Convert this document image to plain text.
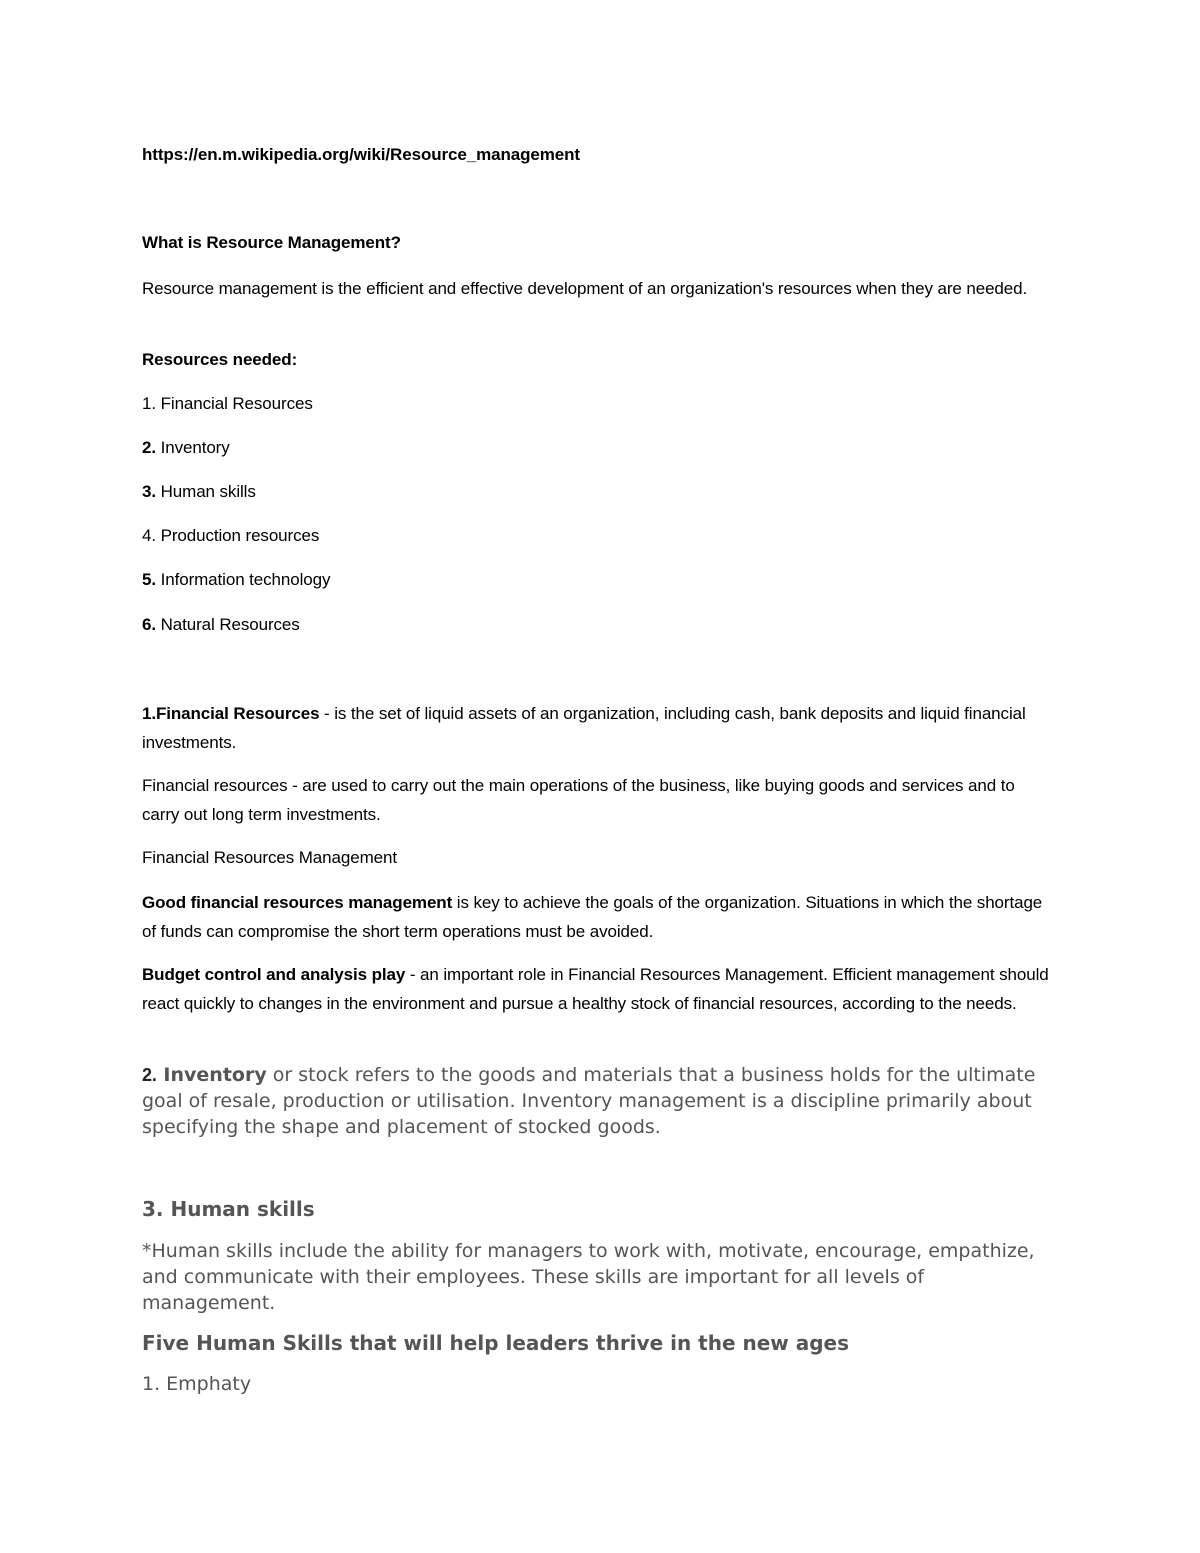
https://en.m.wikipedia.org/wiki/Resource_management

What is Resource Management?

Resource management is the efficient and effective development of an organization's resources when they are needed.

Resources needed:

1. Financial Resources

2. Inventory

3. Human skills

4. Production resources

5. Information technology

6. Natural Resources

1.Financial Resources - is the set of liquid assets of an organization, including cash, bank deposits and liquid financial investments.

Financial resources - are used to carry out the main operations of the business, like buying goods and services and to carry out long term investments.

Financial Resources Management

Good financial resources management is key to achieve the goals of the organization. Situations in which the shortage of funds can compromise the short term operations must be avoided.

Budget control and analysis play - an important role in Financial Resources Management. Efficient management should react quickly to changes in the environment and pursue a healthy stock of financial resources, according to the needs.

2. Inventory or stock refers to the goods and materials that a business holds for the ultimate goal of resale, production or utilisation. Inventory management is a discipline primarily about specifying the shape and placement of stocked goods.

3. Human skills

*Human skills include the ability for managers to work with, motivate, encourage, empathize, and communicate with their employees. These skills are important for all levels of management.

Five Human Skills that will help leaders thrive in the new ages

1. Emphaty
